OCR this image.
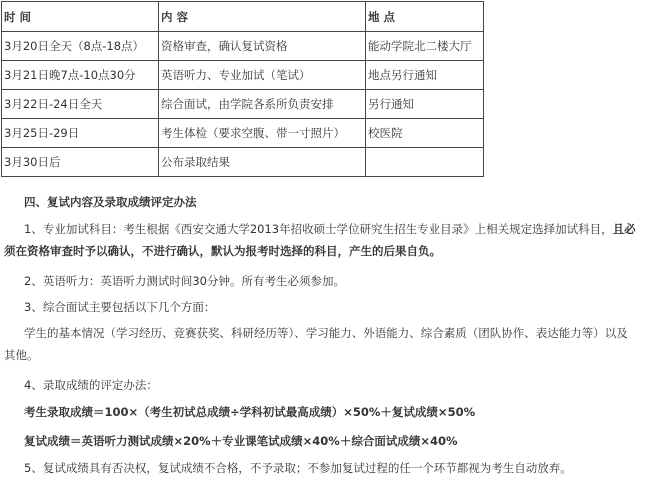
时 间	内 容	地 点
3月20日全天（8点-18点）	资格审查，确认复试资格	能动学院北二楼大厅
3月21日晚7点-10点30分	英语听力、专业加试（笔试）	地点另行通知
3月22日-24日全天	综合面试，由学院各系所负责安排	另行通知
3月25日-29日	考生体检（要求空腹、带一寸照片）	校医院
3月30日后	公布录取结果	
四、复试内容及录取成绩评定办法
1、专业加试科目：考生根据《西安交通大学2013年招收硕士学位研究生招生专业目录》上相关规定选择加试科目，且必须在资格审查时予以确认，不进行确认，默认为报考时选择的科目，产生的后果自负。
2、英语听力：英语听力测试时间30分钟。所有考生必须参加。
3、综合面试主要包括以下几个方面：
学生的基本情况（学习经历、竞赛获奖、科研经历等）、学习能力、外语能力、综合素质（团队协作、表达能力等）以及其他。
4、录取成绩的评定办法：
考生录取成绩＝100×（考生初试总成绩÷学科初试最高成绩）×50%＋复试成绩×50%
复试成绩＝英语听力测试成绩×20%＋专业课笔试成绩×40%＋综合面试成绩×40%
5、复试成绩具有否决权，复试成绩不合格，不予录取；不参加复试过程的任一个环节都视为考生自动放弃。
